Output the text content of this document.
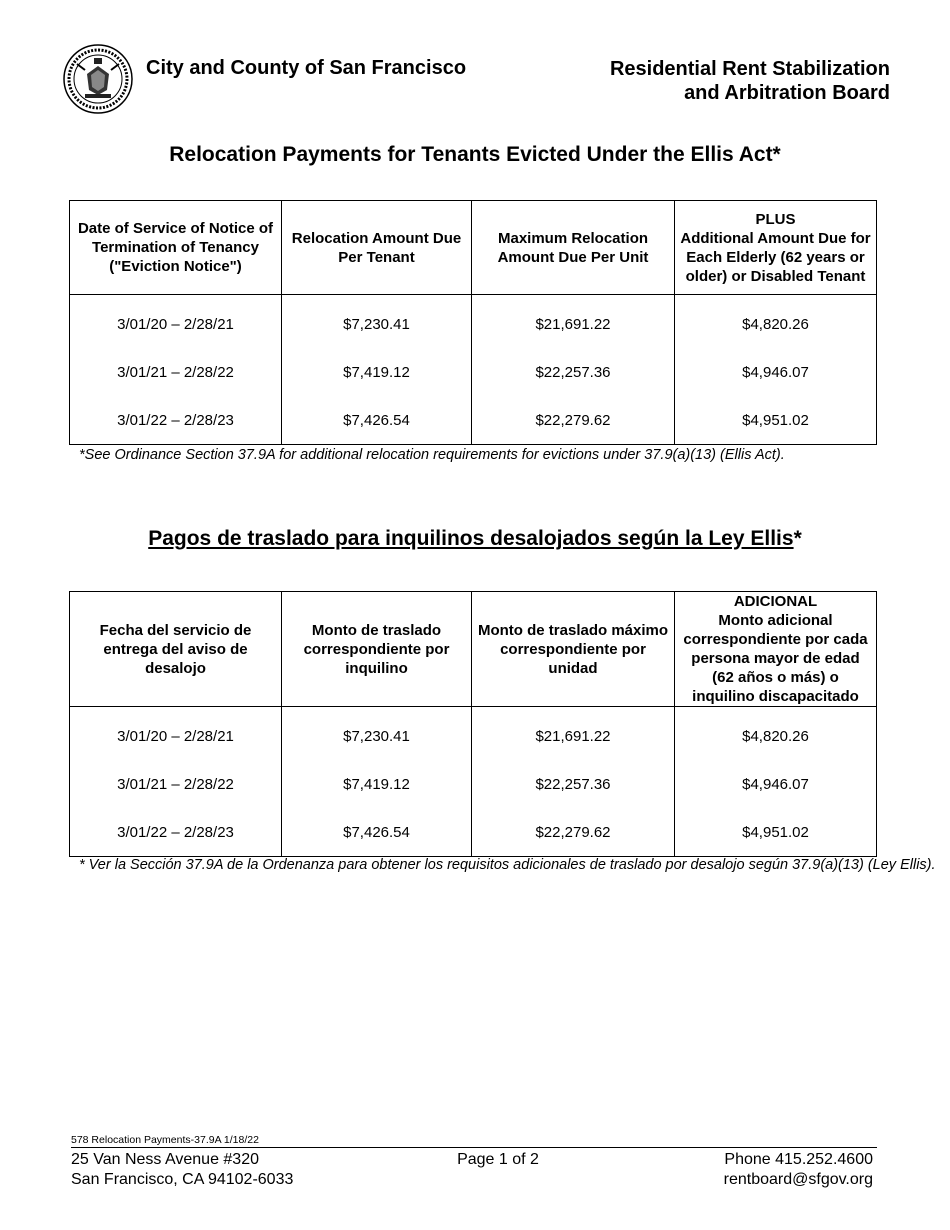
City and County of San Francisco	Residential Rent Stabilization
and Arbitration Board
Relocation Payments for Tenants Evicted Under the Ellis Act*
Date of Service of Notice of Termination of Tenancy ("Eviction Notice")	Relocation Amount Due Per Tenant	Maximum Relocation Amount Due Per Unit	PLUS
Additional Amount Due for Each Elderly (62 years or older) or Disabled Tenant
3/01/20 – 2/28/21	$7,230.41	$21,691.22	$4,820.26
3/01/21 – 2/28/22	$7,419.12	$22,257.36	$4,946.07
3/01/22 – 2/28/23	$7,426.54	$22,279.62	$4,951.02
*See Ordinance Section 37.9A for additional relocation requirements for evictions under 37.9(a)(13) (Ellis Act).
Pagos de traslado para inquilinos desalojados según la Ley Ellis*
Fecha del servicio de entrega del aviso de desalojo	Monto de traslado correspondiente por inquilino	Monto de traslado máximo correspondiente por unidad	ADICIONAL
Monto adicional correspondiente por cada persona mayor de edad (62 años o más) o inquilino discapacitado
3/01/20 – 2/28/21	$7,230.41	$21,691.22	$4,820.26
3/01/21 – 2/28/22	$7,419.12	$22,257.36	$4,946.07
3/01/22 – 2/28/23	$7,426.54	$22,279.62	$4,951.02
* Ver la Sección 37.9A de la Ordenanza para obtener los requisitos adicionales de traslado por desalojo según 37.9(a)(13) (Ley Ellis).
578 Relocation Payments-37.9A 1/18/22
25 Van Ness Avenue #320
San Francisco, CA 94102-6033
Page 1 of 2	Phone 415.252.4600
rentboard@sfgov.org
